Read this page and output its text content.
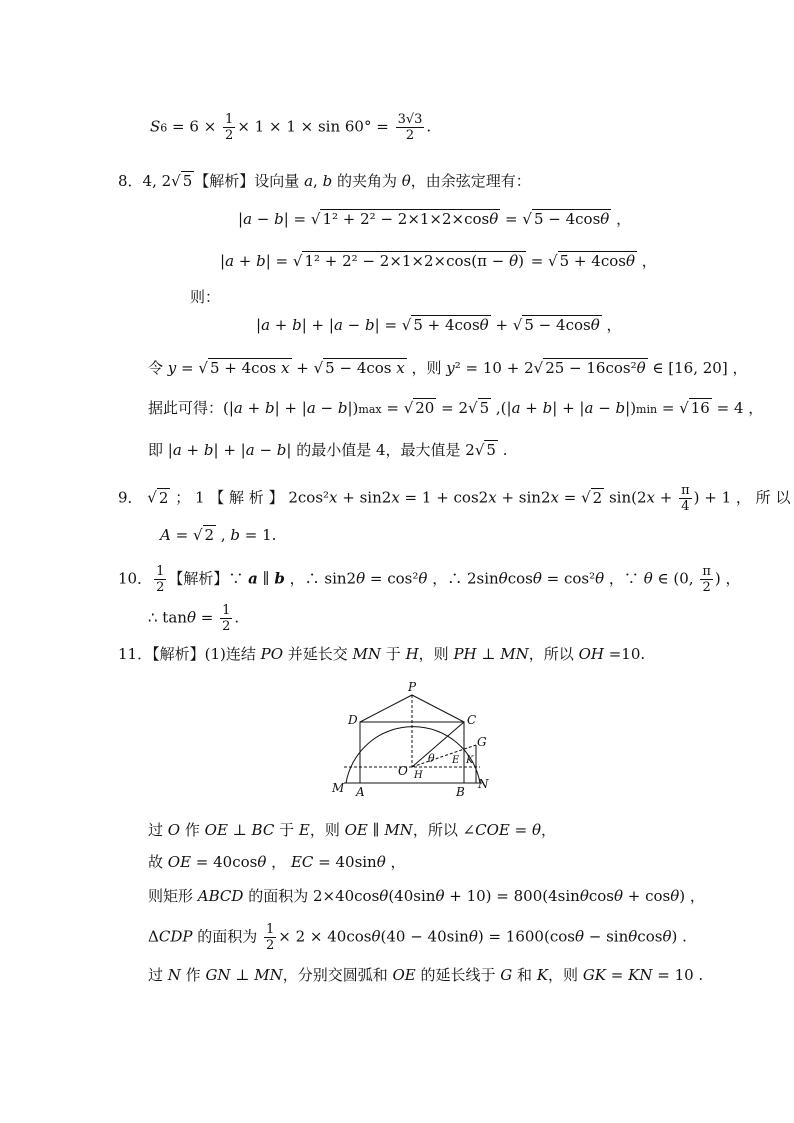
$S6 = 6 \times \frac{1}{2} \times 1 \times 1 \times \sin 60^\circ = \frac{3√3}{2}$ .
8．4, 2√ 5 【解析】设向量 a, b 的夹角为 θ，由余弦定理有：
|a − b| = √ 1² + 2² − 2×1×2×cosθ = √ 5 − 4cosθ ，
|a + b| = √ 1² + 2² − 2×1×2×cos(π − θ) = √ 5 + 4cosθ ，
则：
|a + b| + |a − b| = √ 5 + 4cosθ + √ 5 − 4cosθ ，
令 y = √ 5 + 4cos x + √ 5 − 4cos x ，则 y² = 10 + 2√ 25 − 16cos²θ ∈ [16, 20] ，
据此可得：(|a + b| + |a − b|)max = √ 20 = 2√ 5 ,(|a + b| + |a − b|)min = √ 16 = 4 ，
即 |a + b| + |a − b| 的最小值是 4，最大值是 2√ 5 .
9． √ 2 ； 1 【 解 析 】 2cos²x + sin2x = 1 + cos2x + sin2x = √ 2 $\sin(2x + \frac{\pi}{4}$ ) + 1 ， 所 以
A = √ 2 , b = 1.
10． $\frac{1}{2}$ 【解析】∵ a ∥ b ，∴ sin2θ = cos²θ ，∴ 2sinθcosθ = cos²θ ，∵ θ ∈ (0, $\frac{\pi}{2}$ ) ，
∴ $\tan\theta = \frac{1}{2}$ .
11．【解析】(1)连结 PO 并延长交 MN 于 H，则 PH ⊥ MN，所以 OH =10.
P
D	C
G
θ E K
O H
M A	B
N
过 O 作 OE ⊥ BC 于 E，则 OE ∥ MN，所以 ∠COE = θ，
故 OE = 40cosθ ， EC = 40sinθ ，
则矩形 ABCD 的面积为 2×40cosθ(40sinθ + 10) = 800(4sinθcosθ + cosθ) ，
ΔCDP 的面积为 $\frac{1}{2} \times 2 \times 40\cos\theta(40 - 40\sin\theta) = 1600(\cos\theta - \sin\theta\cos\theta)$ .
过 N 作 GN ⊥ MN，分别交圆弧和 OE 的延长线于 G 和 K，则 GK = KN = 10 .
